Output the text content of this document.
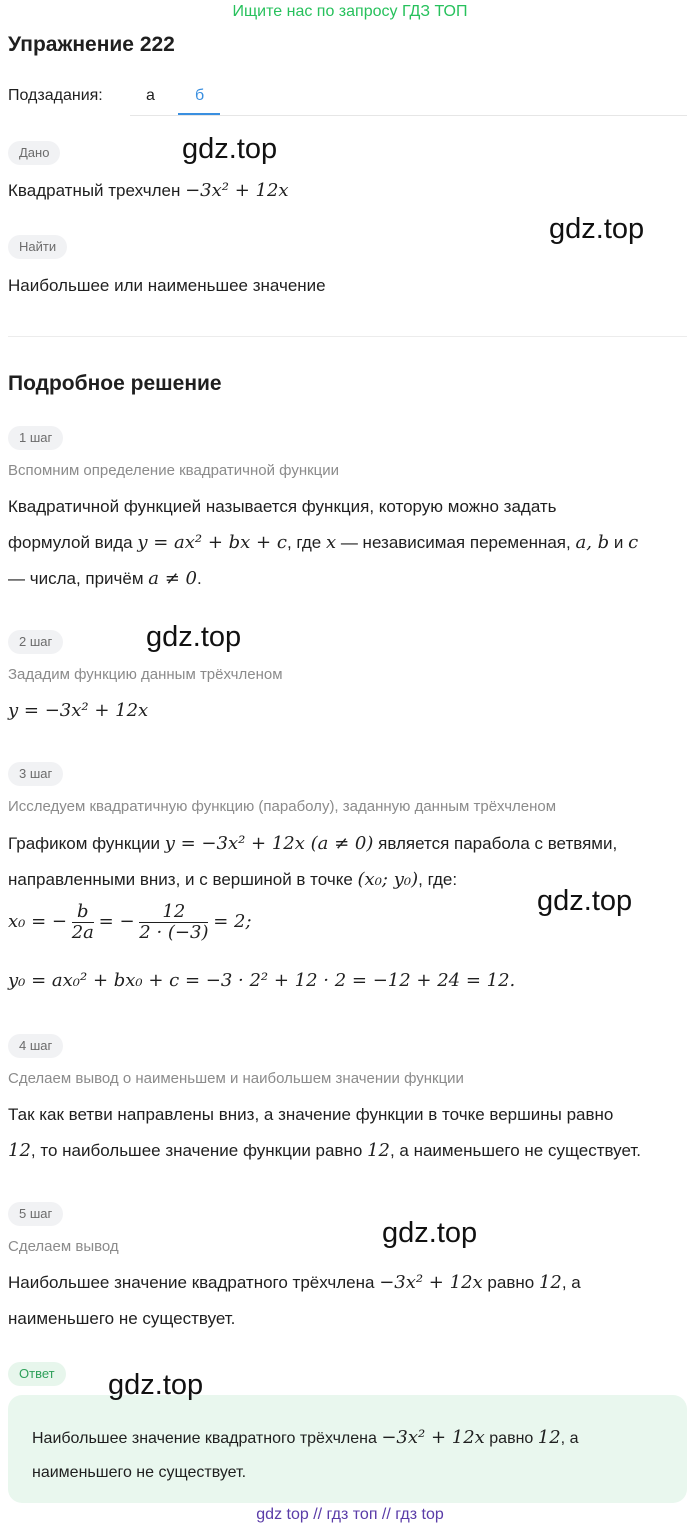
Ищите нас по запросу ГДЗ ТОП
Упражнение 222
Подзадания:	а	б
Дано
Квадратный трехчлен −3x² + 12x
Найти
Наибольшее или наименьшее значение
Подробное решение
1 шаг
Вспомним определение квадратичной функции
Квадратичной функцией называется функция, которую можно задать
формулой вида y = ax² + bx + c, где x — независимая переменная, a, b и c
— числа, причём a ≠ 0.
2 шаг
Зададим функцию данным трёхчленом
y = −3x² + 12x
3 шаг
Исследуем квадратичную функцию (параболу), заданную данным трёхчленом
Графиком функции y = −3x² + 12x (a ≠ 0) является парабола с ветвями,
направленными вниз, и с вершиной в точке (x₀; y₀), где:
x₀ = − $\frac{b}{2a}$ = − $\frac{12}{2 \cdot (-3)} = 2$;
y₀ = ax₀² + bx₀ + c = −3 · 2² + 12 · 2 = −12 + 24 = 12.
4 шаг
Сделаем вывод о наименьшем и наибольшем значении функции
Так как ветви направлены вниз, а значение функции в точке вершины равно
12, то наибольшее значение функции равно 12, а наименьшего не существует.
5 шаг
Сделаем вывод
Наибольшее значение квадратного трёхчлена −3x² + 12x равно 12, а
наименьшего не существует.
Ответ
Наибольшее значение квадратного трёхчлена −3x² + 12x равно 12, а
наименьшего не существует.
gdz.top
gdz.top
gdz.top
gdz.top
gdz.top
gdz.top
gdz top // гдз топ // гдз top
